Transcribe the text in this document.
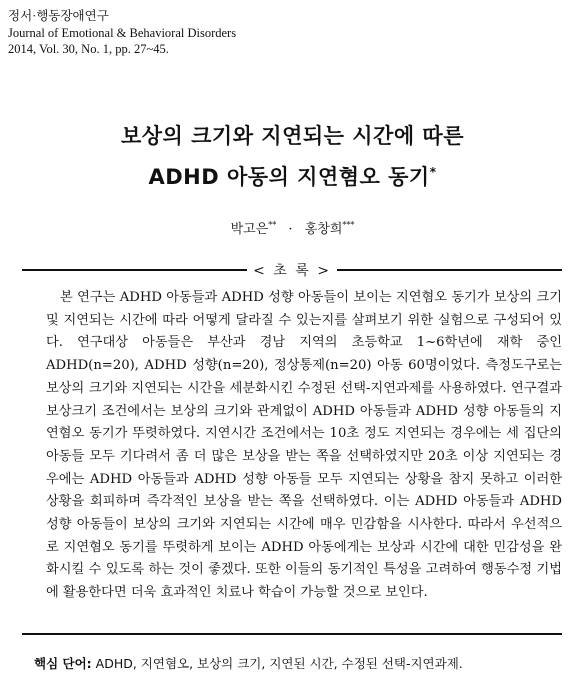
정서·행동장애연구
Journal of Emotional & Behavioral Disorders
2014, Vol. 30, No. 1, pp. 27~45.
보상의 크기와 지연되는 시간에 따른
ADHD 아동의 지연혐오 동기*
박고은** · 홍창희***
< 초 록 >

본 연구는 ADHD 아동들과 ADHD 성향 아동들이 보이는 지연혐오 동기가 보상의 크기 및 지연되는 시간에 따라 어떻게 달라질 수 있는지를 살펴보기 위한 실험으로 구성되어 있다. 연구대상 아동들은 부산과 경남 지역의 초등학교 1~6학년에 재학 중인 ADHD(n=20), ADHD 성향(n=20), 정상통제(n=20) 아동 60명이었다. 측정도구로는 보상의 크기와 지연되는 시간을 세분화시킨 수정된 선택-지연과제를 사용하였다. 연구결과 보상크기 조건에서는 보상의 크기와 관계없이 ADHD 아동들과 ADHD 성향 아동들의 지연혐오 동기가 뚜렷하였다. 지연시간 조건에서는 10초 정도 지연되는 경우에는 세 집단의 아동들 모두 기다려서 좀 더 많은 보상을 받는 쪽을 선택하였지만 20초 이상 지연되는 경우에는 ADHD 아동들과 ADHD 성향 아동들 모두 지연되는 상황을 참지 못하고 이러한 상황을 회피하며 즉각적인 보상을 받는 쪽을 선택하였다. 이는 ADHD 아동들과 ADHD 성향 아동들이 보상의 크기와 지연되는 시간에 매우 민감함을 시사한다. 따라서 우선적으로 지연혐오 동기를 뚜렷하게 보이는 ADHD 아동에게는 보상과 시간에 대한 민감성을 완화시킬 수 있도록 하는 것이 좋겠다. 또한 이들의 동기적인 특성을 고려하여 행동수정 기법에 활용한다면 더욱 효과적인 치료나 학습이 가능할 것으로 보인다.

핵심 단어: ADHD, 지연혐오, 보상의 크기, 지연된 시간, 수정된 선택-지연과제.
